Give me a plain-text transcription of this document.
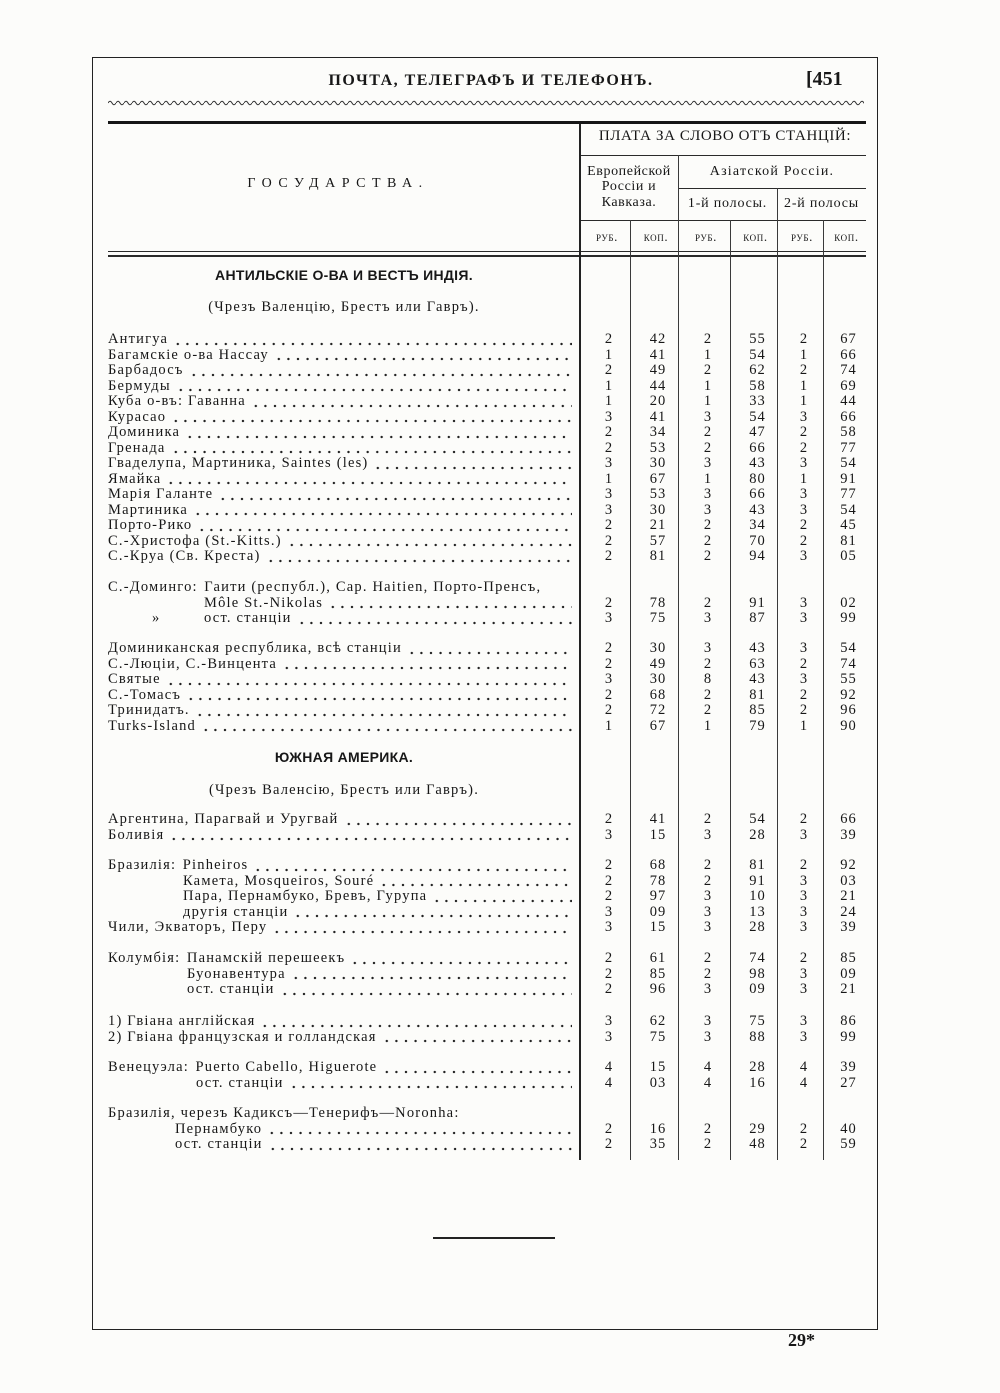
ПОЧТА, ТЕЛЕГРАФЪ И ТЕЛЕФОНЪ.	[451
ГОСУДАРСТВА.
ПЛАТА ЗА СЛОВО ОТЪ СТАНЦІЙ:
Европейской
Россіи и
Кавказа.
Азіатской Россіи.
1-й полосы.	2-й полосы
руб.	коп.	руб.	коп.	руб.	коп.
АНТИЛЬСКІЕ О-ВА И ВЕСТЪ ИНДІЯ.
(Чрезъ Валенцію, Брестъ или Гавръ).
Антигуа	2	42	2	55	2	67
Багамскіе о-ва Нассау	1	41	1	54	1	66
Барбадосъ	2	49	2	62	2	74
Бермуды	1	44	1	58	1	69
Куба о-въ: Гаванна	1	20	1	33	1	44
Курасао	3	41	3	54	3	66
Доминика	2	34	2	47	2	58
Гренада	2	53	2	66	2	77
Гваделупа, Мартиника, Saintes (les)	3	30	3	43	3	54
Ямайка	1	67	1	80	1	91
Марія Галанте	3	53	3	66	3	77
Мартиника	3	30	3	43	3	54
Порто-Рико	2	21	2	34	2	45
С.-Христофа (St.-Kitts.)	2	57	2	70	2	81
С.-Круа (Св. Креста)	2	81	2	94	3	05
С.-Доминго: Гаити (республ.), Cap. Haitien, Порто-Пренсъ,
Môle St.-Nikolas	2	78	2	91	3	02
»	ост. станціи	3	75	3	87	3	99
Доминиканская республика, всѣ станціи	2	30	3	43	3	54
С.-Люціи, С.-Винцента	2	49	2	63	2	74
Святые	3	30	8	43	3	55
С.-Томасъ	2	68	2	81	2	92
Тринидатъ.	2	72	2	85	2	96
Turks-Island	1	67	1	79	1	90
ЮЖНАЯ АМЕРИКА.
(Чрезъ Валенсію, Брестъ или Гавръ).
Аргентина, Парагвай и Уругвай	2	41	2	54	2	66
Боливія	3	15	3	28	3	39
Бразилія: Pinheiros	2	68	2	81	2	92
Камета, Mosqueiros, Souré	2	78	2	91	3	03
Пара, Пернамбуко, Бревъ, Гурупа	2	97	3	10	3	21
другія станціи	3	09	3	13	3	24
Чили, Экваторъ, Перу	3	15	3	28	3	39
Колумбія: Панамскій перешеекъ	2	61	2	74	2	85
Буонавентура	2	85	2	98	3	09
ост. станціи	2	96	3	09	3	21
1) Гвіана англійская	3	62	3	75	3	86
2) Гвіана французская и голландская	3	75	3	88	3	99
Венецуэла: Puerto Cabello, Higuerote	4	15	4	28	4	39
ост. станціи	4	03	4	16	4	27
Бразилія, черезъ Кадиксъ—Тенерифъ—Noronha:
Пернамбуко	2	16	2	29	2	40
ост. станціи	2	35	2	48	2	59
29*
